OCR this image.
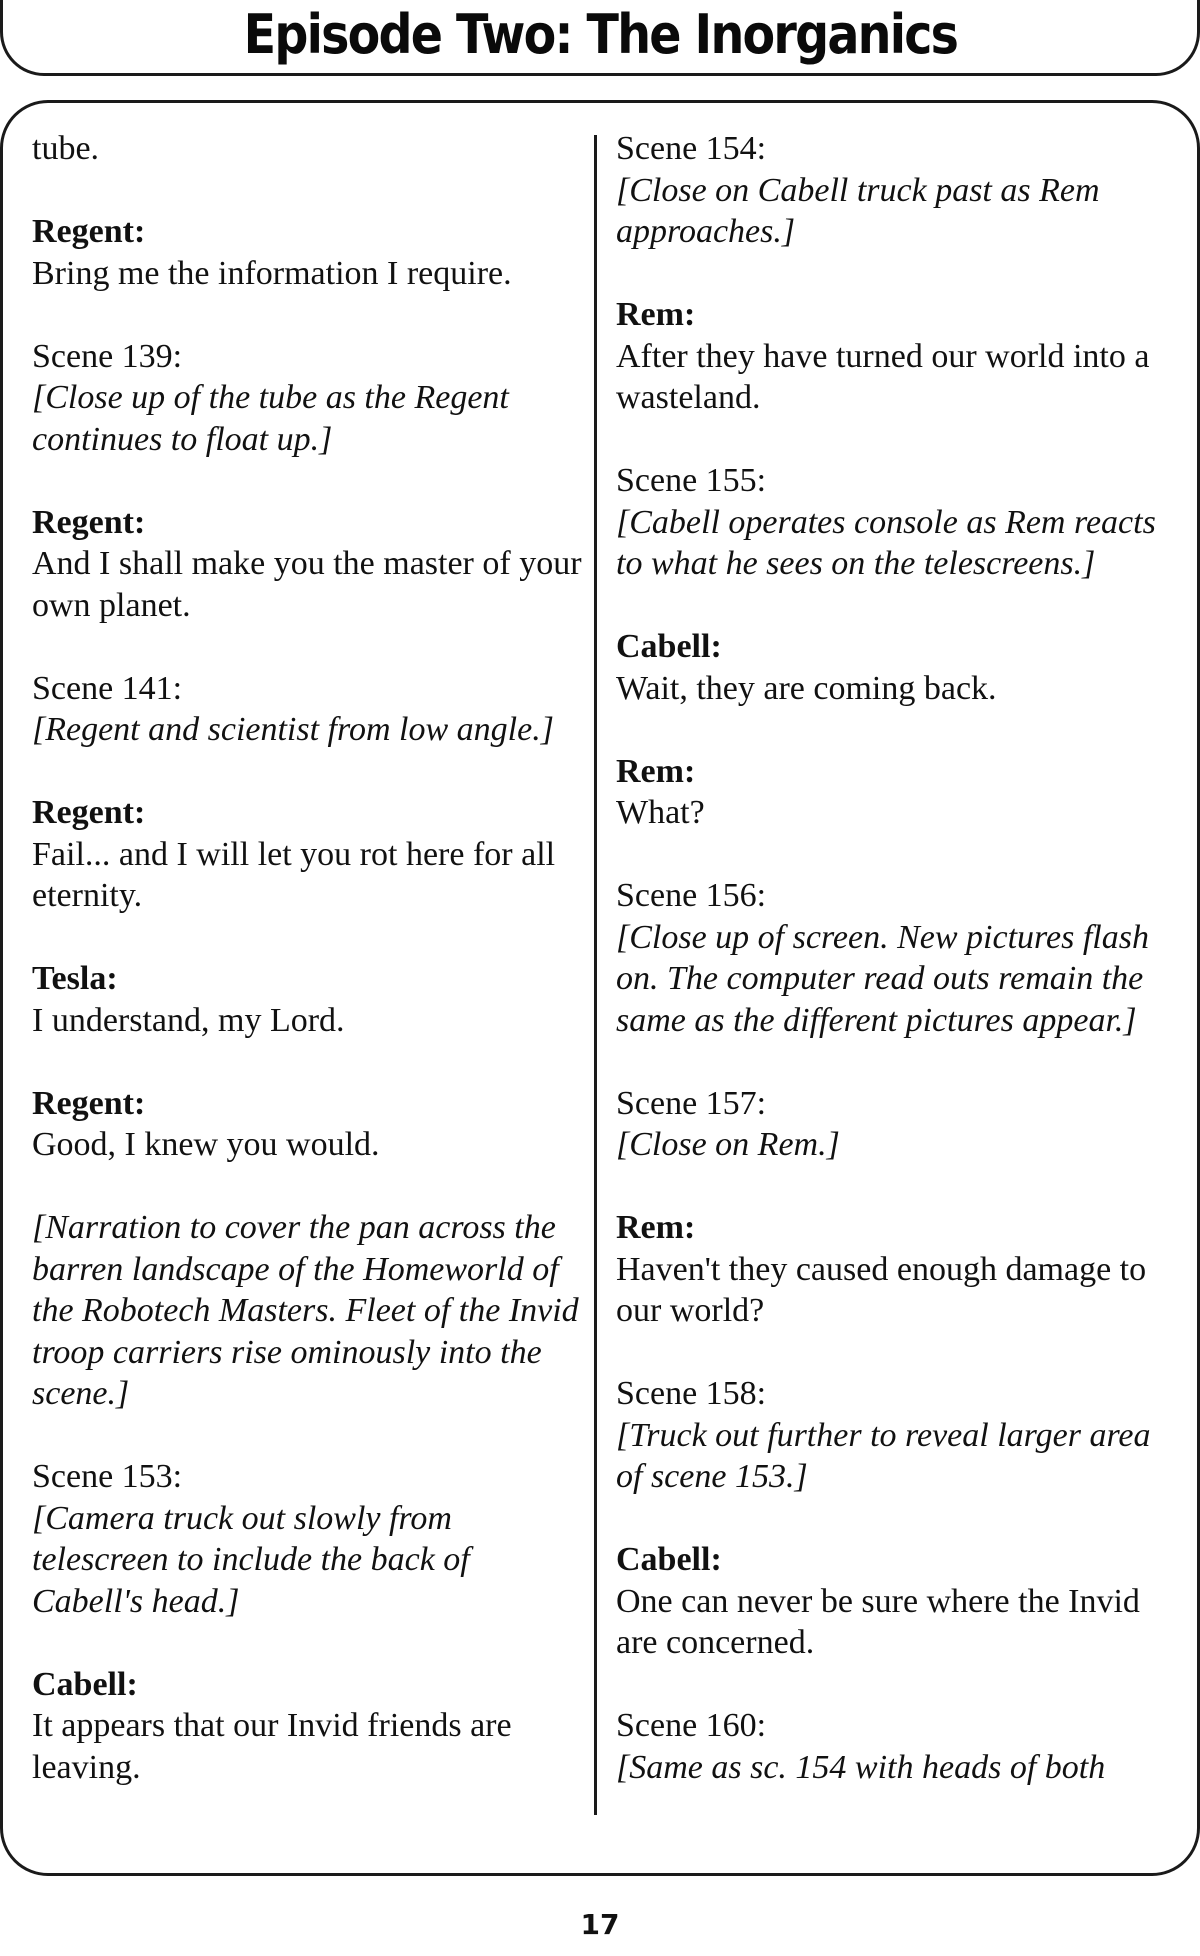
Episode Two: The Inorganics
tube.
Regent:
Bring me the information I require.
Scene 139:
[Close up of the tube as the Regent continues to float up.]
Regent:
And I shall make you the master of your own planet.
Scene 141:
[Regent and scientist from low angle.]
Regent:
Fail... and I will let you rot here for all eternity.
Tesla:
I understand, my Lord.
Regent:
Good, I knew you would.
[Narration to cover the pan across the barren landscape of the Homeworld of the Robotech Masters. Fleet of the Invid troop carriers rise ominously into the scene.]
Scene 153:
[Camera truck out slowly from telescreen to include the back of Cabell's head.]
Cabell:
It appears that our Invid friends are leaving.
Scene 154:
[Close on Cabell truck past as Rem approaches.]
Rem:
After they have turned our world into a wasteland.
Scene 155:
[Cabell operates console as Rem reacts to what he sees on the telescreens.]
Cabell:
Wait, they are coming back.
Rem:
What?
Scene 156:
[Close up of screen. New pictures flash on. The computer read outs remain the same as the different pictures appear.]
Scene 157:
[Close on Rem.]
Rem:
Haven't they caused enough damage to our world?
Scene 158:
[Truck out further to reveal larger area of scene 153.]
Cabell:
One can never be sure where the Invid are concerned.
Scene 160:
[Same as sc. 154 with heads of both
17
